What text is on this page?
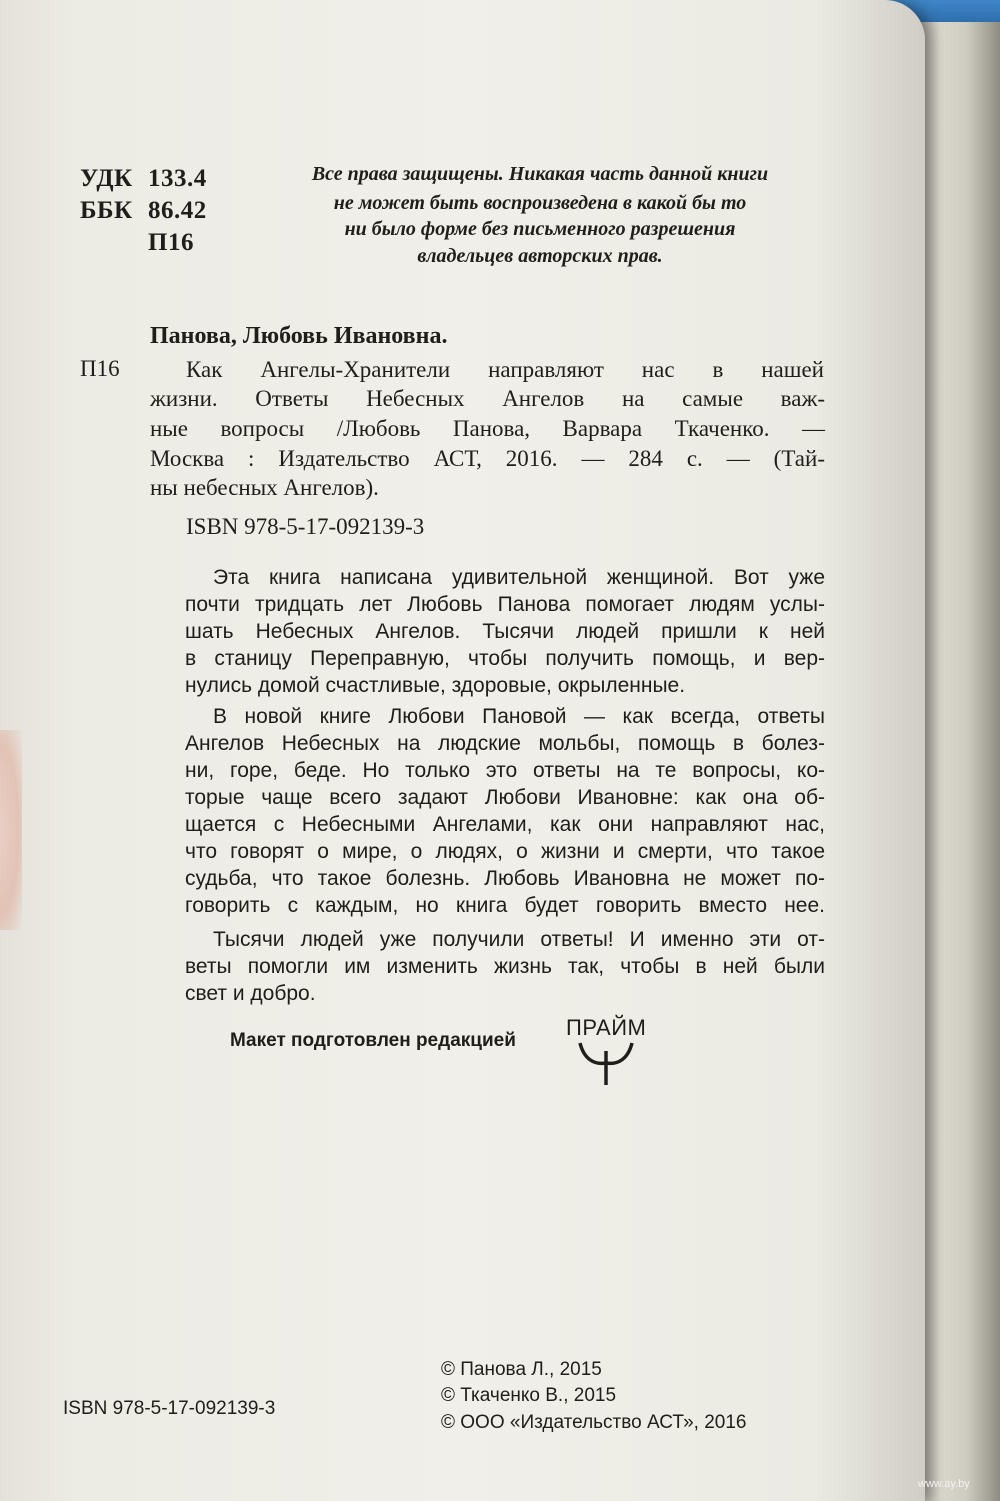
УДК 133.4
ББК 86.42
П16
Все права защищены. Никакая часть данной книги
не может быть воспроизведена в какой бы то
ни было форме без письменного разрешения
владельцев авторских прав.
Панова, Любовь Ивановна.
П16	Как Ангелы-Хранители направляют нас в нашей
жизни. Ответы Небесных Ангелов на самые важ-
ные вопросы /Любовь Панова, Варвара Ткаченко. —
Москва : Издательство АСТ, 2016. — 284 с. — (Тай-
ны небесных Ангелов).
ISBN 978-5-17-092139-3
Эта книга написана удивительной женщиной. Вот уже
почти тридцать лет Любовь Панова помогает людям услы-
шать Небесных Ангелов. Тысячи людей пришли к ней
в станицу Переправную, чтобы получить помощь, и вер-
нулись домой счастливые, здоровые, окрыленные.
В новой книге Любови Пановой — как всегда, ответы
Ангелов Небесных на людские мольбы, помощь в болез-
ни, горе, беде. Но только это ответы на те вопросы, ко-
торые чаще всего задают Любови Ивановне: как она об-
щается с Небесными Ангелами, как они направляют нас,
что говорят о мире, о людях, о жизни и смерти, что такое
судьба, что такое болезнь. Любовь Ивановна не может по-
говорить с каждым, но книга будет говорить вместо нее.
Тысячи людей уже получили ответы! И именно эти от-
веты помогли им изменить жизнь так, чтобы в ней были
свет и добро.
Макет подготовлен редакцией
ПРАЙМ
ISBN 978-5-17-092139-3
© Панова Л., 2015
© Ткаченко В., 2015
© ООО «Издательство АСТ», 2016
www.ay.by
